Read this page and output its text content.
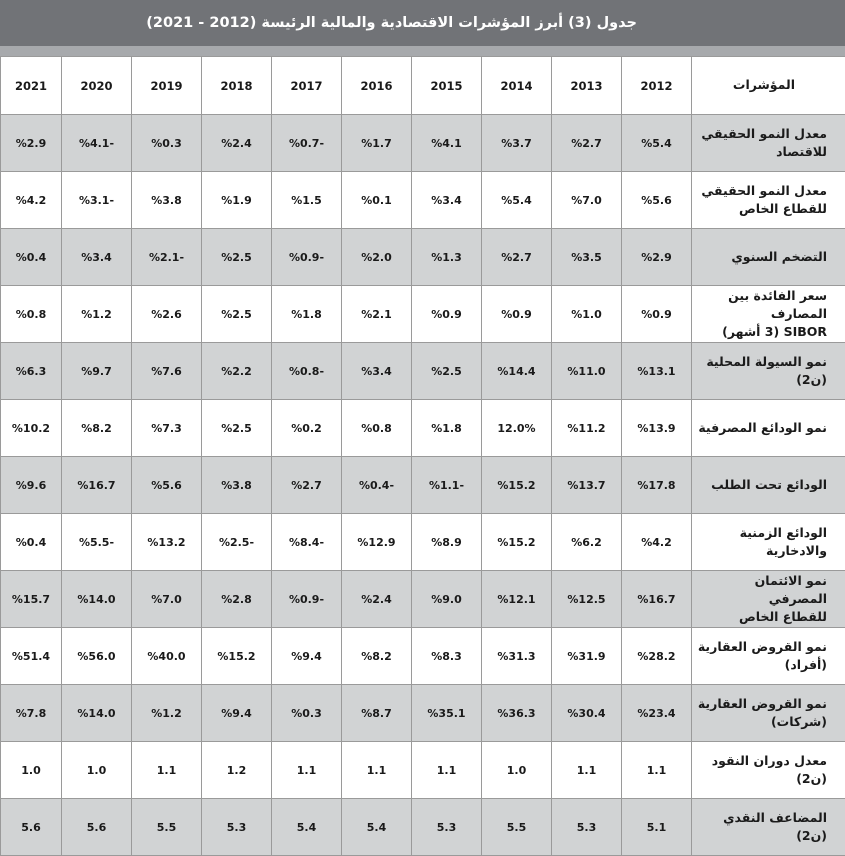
جدول (3) أبرز المؤشرات الاقتصادية والمالية الرئيسة (2012 - 2021)
المؤشرات	2012	2013	2014	2015	2016	2017	2018	2019	2020	2021
معدل النمو الحقيقي
للاقتصاد	%5.4	%2.7	%3.7	%4.1	%1.7	%0.7-	%2.4	%0.3	%4.1-	%2.9
معدل النمو الحقيقي
للقطاع الخاص	%5.6	%7.0	%5.4	%3.4	%0.1	%1.5	%1.9	%3.8	%3.1-	%4.2
التضخم السنوي	%2.9	%3.5	%2.7	%1.3	%2.0	%0.9-	%2.5	%2.1-	%3.4	%0.4
سعر الفائدة بين المصارف
SIBOR (3 أشهر)	%0.9	%1.0	%0.9	%0.9	%2.1	%1.8	%2.5	%2.6	%1.2	%0.8
نمو السيولة المحلية (ن2)	%13.1	%11.0	%14.4	%2.5	%3.4	%0.8-	%2.2	%7.6	%9.7	%6.3
نمو الودائع المصرفية	%13.9	%11.2	12.0%	%1.8	%0.8	%0.2	%2.5	%7.3	%8.2	%10.2
الودائع تحت الطلب	%17.8	%13.7	%15.2	%1.1-	%0.4-	%2.7	%3.8	%5.6	%16.7	%9.6
الودائع الزمنية والادخارية	%4.2	%6.2	%15.2	%8.9	%12.9	%8.4-	%2.5-	%13.2	%5.5-	%0.4
نمو الائتمان المصرفي
للقطاع الخاص	%16.7	%12.5	%12.1	%9.0	%2.4	%0.9-	%2.8	%7.0	%14.0	%15.7
نمو القروض العقارية
(أفراد)	%28.2	%31.9	%31.3	%8.3	%8.2	%9.4	%15.2	%40.0	%56.0	%51.4
نمو القروض العقارية
(شركات)	%23.4	%30.4	%36.3	%35.1	%8.7	%0.3	%9.4	%1.2	%14.0	%7.8
معدل دوران النقود (ن2)	1.1	1.1	1.0	1.1	1.1	1.1	1.2	1.1	1.0	1.0
المضاعف النقدي (ن2)	5.1	5.3	5.5	5.3	5.4	5.4	5.3	5.5	5.6	5.6
